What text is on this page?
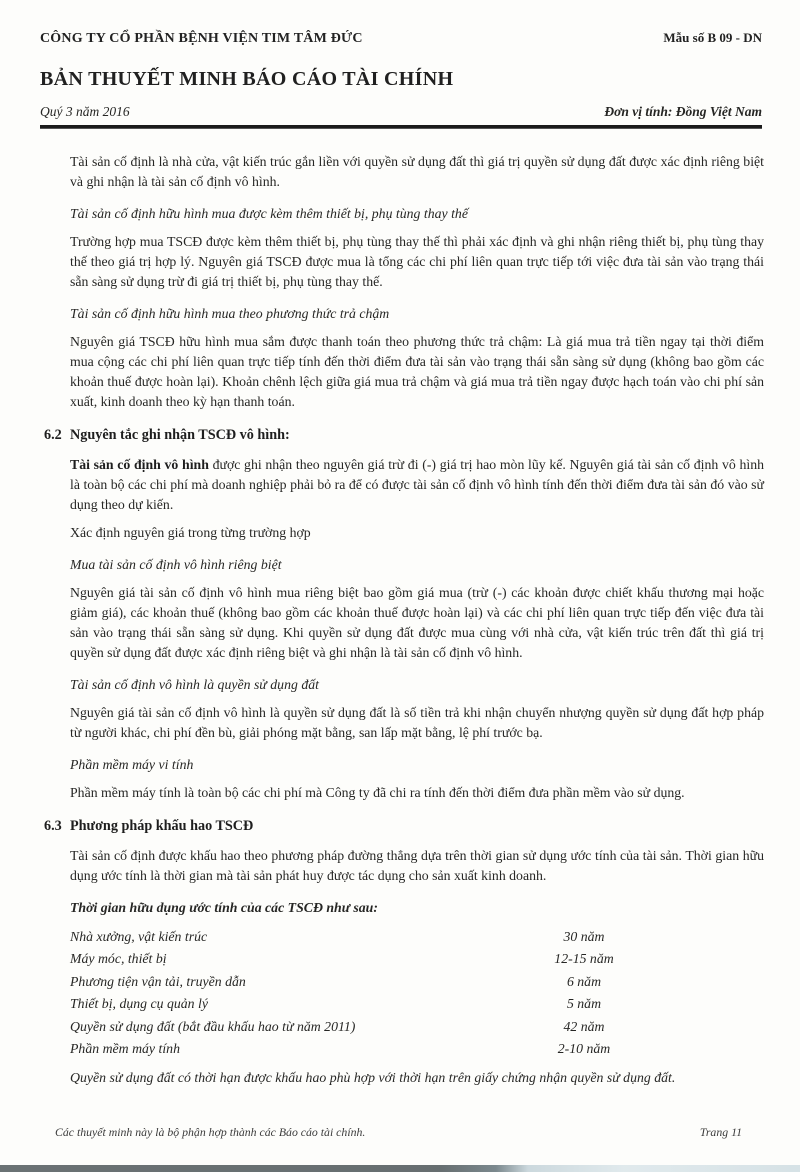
CÔNG TY CỔ PHẦN BỆNH VIỆN TIM TÂM ĐỨC	Mẫu số B 09 - DN
BẢN THUYẾT MINH BÁO CÁO TÀI CHÍNH
Quý 3 năm 2016	Đơn vị tính: Đồng Việt Nam

Tài sản cố định là nhà cửa, vật kiến trúc gắn liền với quyền sử dụng đất thì giá trị quyền sử dụng đất được xác định riêng biệt và ghi nhận là tài sản cố định vô hình.

Tài sản cố định hữu hình mua được kèm thêm thiết bị, phụ tùng thay thế

Trường hợp mua TSCĐ được kèm thêm thiết bị, phụ tùng thay thế thì phải xác định và ghi nhận riêng thiết bị, phụ tùng thay thế theo giá trị hợp lý. Nguyên giá TSCĐ được mua là tổng các chi phí liên quan trực tiếp tới việc đưa tài sản vào trạng thái sẵn sàng sử dụng trừ đi giá trị thiết bị, phụ tùng thay thế.

Tài sản cố định hữu hình mua theo phương thức trả chậm

Nguyên giá TSCĐ hữu hình mua sắm được thanh toán theo phương thức trả chậm: Là giá mua trả tiền ngay tại thời điểm mua cộng các chi phí liên quan trực tiếp tính đến thời điểm đưa tài sản vào trạng thái sẵn sàng sử dụng (không bao gồm các khoản thuế được hoàn lại). Khoản chênh lệch giữa giá mua trả chậm và giá mua trả tiền ngay được hạch toán vào chi phí sản xuất, kinh doanh theo kỳ hạn thanh toán.

6.2 Nguyên tắc ghi nhận TSCĐ vô hình:

Tài sản cố định vô hình được ghi nhận theo nguyên giá trừ đi (-) giá trị hao mòn lũy kế. Nguyên giá tài sản cố định vô hình là toàn bộ các chi phí mà doanh nghiệp phải bỏ ra để có được tài sản cố định vô hình tính đến thời điểm đưa tài sản đó vào sử dụng theo dự kiến.

Xác định nguyên giá trong từng trường hợp

Mua tài sản cố định vô hình riêng biệt

Nguyên giá tài sản cố định vô hình mua riêng biệt bao gồm giá mua (trừ (-) các khoản được chiết khấu thương mại hoặc giảm giá), các khoản thuế (không bao gồm các khoản thuế được hoàn lại) và các chi phí liên quan trực tiếp đến việc đưa tài sản vào trạng thái sẵn sàng sử dụng. Khi quyền sử dụng đất được mua cùng với nhà cửa, vật kiến trúc trên đất thì giá trị quyền sử dụng đất được xác định riêng biệt và ghi nhận là tài sản cố định vô hình.

Tài sản cố định vô hình là quyền sử dụng đất

Nguyên giá tài sản cố định vô hình là quyền sử dụng đất là số tiền trả khi nhận chuyển nhượng quyền sử dụng đất hợp pháp từ người khác, chi phí đền bù, giải phóng mặt bằng, san lấp mặt bằng, lệ phí trước bạ.

Phần mềm máy vi tính

Phần mềm máy tính là toàn bộ các chi phí mà Công ty đã chi ra tính đến thời điểm đưa phần mềm vào sử dụng.

6.3 Phương pháp khấu hao TSCĐ

Tài sản cố định được khấu hao theo phương pháp đường thẳng dựa trên thời gian sử dụng ước tính của tài sản. Thời gian hữu dụng ước tính là thời gian mà tài sản phát huy được tác dụng cho sản xuất kinh doanh.

Thời gian hữu dụng ước tính của các TSCĐ như sau:

Nhà xưởng, vật kiến trúc	30 năm
Máy móc, thiết bị	12-15 năm
Phương tiện vận tải, truyền dẫn	6 năm
Thiết bị, dụng cụ quản lý	5 năm
Quyền sử dụng đất (bắt đầu khấu hao từ năm 2011)	42 năm
Phần mềm máy tính	2-10 năm

Quyền sử dụng đất có thời hạn được khấu hao phù hợp với thời hạn trên giấy chứng nhận quyền sử dụng đất.

Các thuyết minh này là bộ phận hợp thành các Báo cáo tài chính.	Trang 11
